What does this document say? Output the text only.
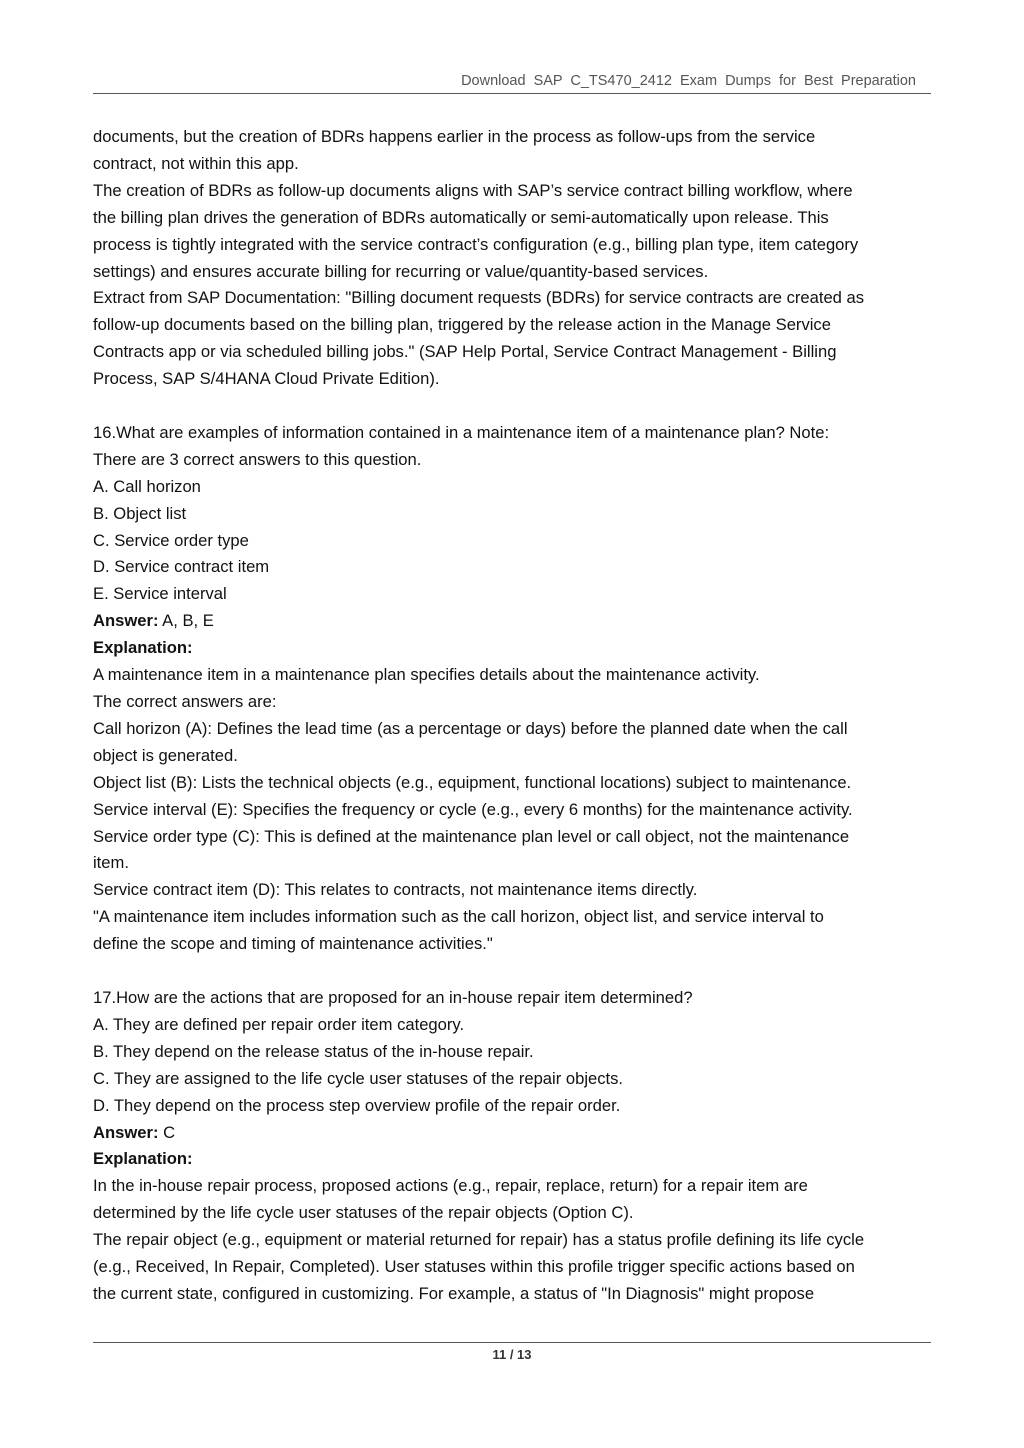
Download SAP C_TS470_2412 Exam Dumps for Best Preparation
documents, but the creation of BDRs happens earlier in the process as follow-ups from the service
contract, not within this app.
The creation of BDRs as follow-up documents aligns with SAP’s service contract billing workflow, where
the billing plan drives the generation of BDRs automatically or semi-automatically upon release. This
process is tightly integrated with the service contract’s configuration (e.g., billing plan type, item category
settings) and ensures accurate billing for recurring or value/quantity-based services.
Extract from SAP Documentation: "Billing document requests (BDRs) for service contracts are created as
follow-up documents based on the billing plan, triggered by the release action in the Manage Service
Contracts app or via scheduled billing jobs." (SAP Help Portal, Service Contract Management - Billing
Process, SAP S/4HANA Cloud Private Edition).
16.What are examples of information contained in a maintenance item of a maintenance plan? Note:
There are 3 correct answers to this question.
A. Call horizon
B. Object list
C. Service order type
D. Service contract item
E. Service interval
Answer: A, B, E
Explanation:
A maintenance item in a maintenance plan specifies details about the maintenance activity.
The correct answers are:
Call horizon (A): Defines the lead time (as a percentage or days) before the planned date when the call
object is generated.
Object list (B): Lists the technical objects (e.g., equipment, functional locations) subject to maintenance.
Service interval (E): Specifies the frequency or cycle (e.g., every 6 months) for the maintenance activity.
Service order type (C): This is defined at the maintenance plan level or call object, not the maintenance
item.
Service contract item (D): This relates to contracts, not maintenance items directly.
"A maintenance item includes information such as the call horizon, object list, and service interval to
define the scope and timing of maintenance activities."
17.How are the actions that are proposed for an in-house repair item determined?
A. They are defined per repair order item category.
B. They depend on the release status of the in-house repair.
C. They are assigned to the life cycle user statuses of the repair objects.
D. They depend on the process step overview profile of the repair order.
Answer: C
Explanation:
In the in-house repair process, proposed actions (e.g., repair, replace, return) for a repair item are
determined by the life cycle user statuses of the repair objects (Option C).
The repair object (e.g., equipment or material returned for repair) has a status profile defining its life cycle
(e.g., Received, In Repair, Completed). User statuses within this profile trigger specific actions based on
the current state, configured in customizing. For example, a status of "In Diagnosis" might propose
11 / 13
